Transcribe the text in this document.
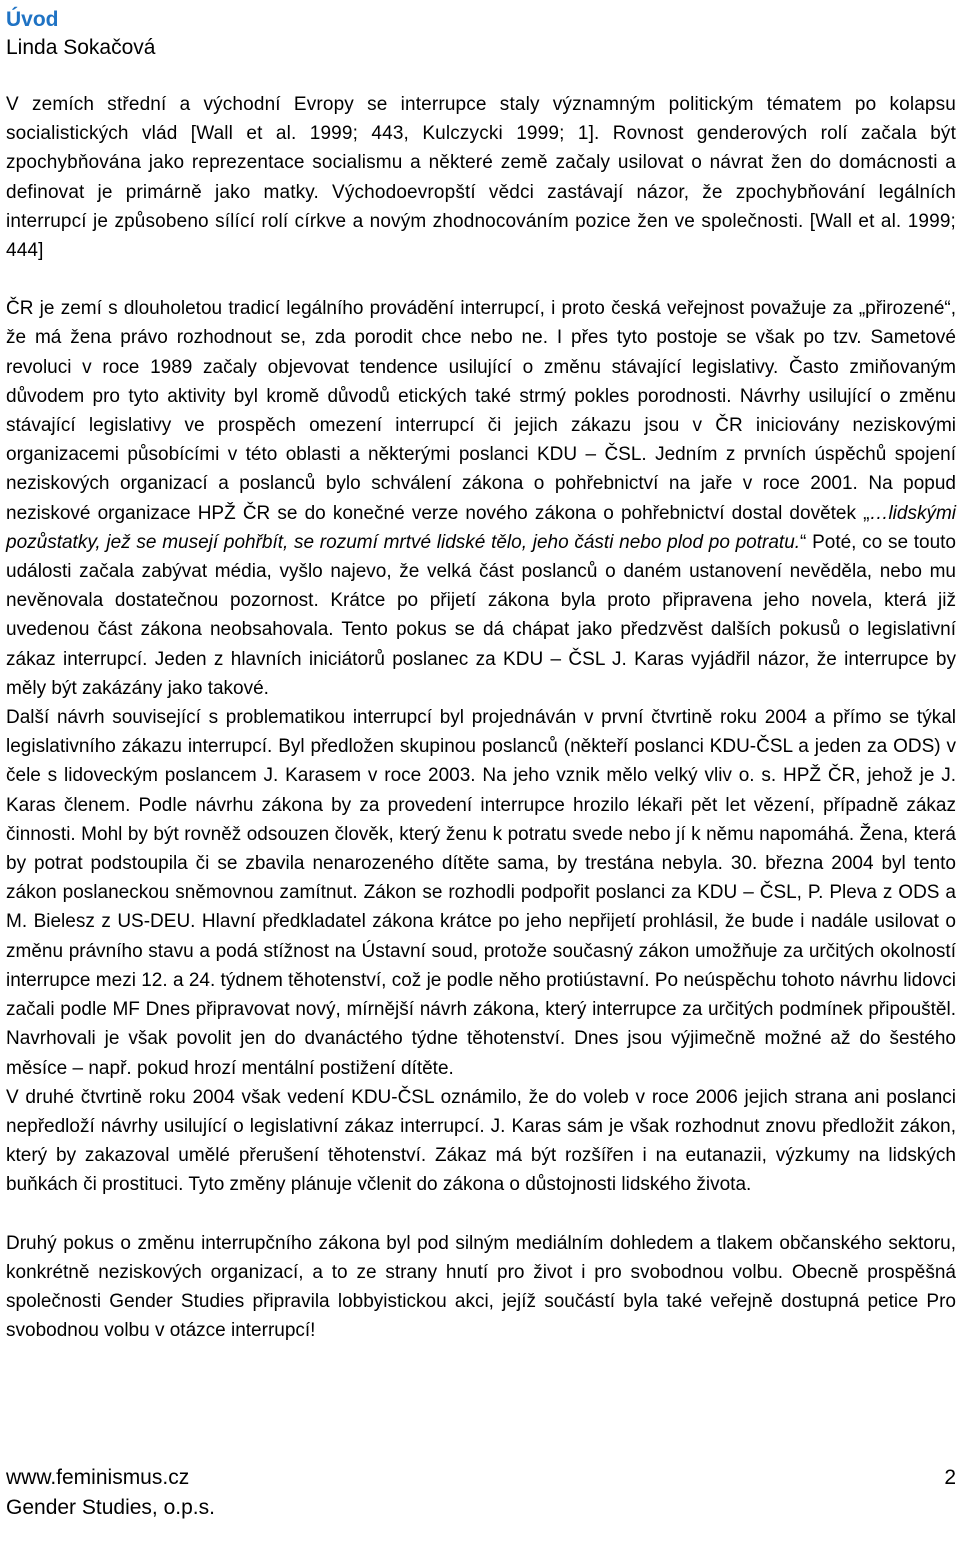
Úvod
Linda Sokačová

V zemích střední a východní Evropy se interrupce staly významným politickým tématem po kolapsu socialistických vlád [Wall et al. 1999; 443, Kulczycki 1999; 1]. Rovnost genderových rolí začala být zpochybňována jako reprezentace socialismu a některé země začaly usilovat o návrat žen do domácnosti a definovat je primárně jako matky. Východoevropští vědci zastávají názor, že zpochybňování legálních interrupcí je způsobeno sílící rolí církve a novým zhodnocováním pozice žen ve společnosti. [Wall et al. 1999; 444]

ČR je zemí s dlouholetou tradicí legálního provádění interrupcí, i proto česká veřejnost považuje za „přirozené“, že má žena právo rozhodnout se, zda porodit chce nebo ne. I přes tyto postoje se však po tzv. Sametové revoluci v roce 1989 začaly objevovat tendence usilující o změnu stávající legislativy. Často zmiňovaným důvodem pro tyto aktivity byl kromě důvodů etických také strmý pokles porodnosti. Návrhy usilující o změnu stávající legislativy ve prospěch omezení interrupcí či jejich zákazu jsou v ČR iniciovány neziskovými organizacemi působícími v této oblasti a některými poslanci KDU – ČSL. Jedním z prvních úspěchů spojení neziskových organizací a poslanců bylo schválení zákona o pohřebnictví na jaře v roce 2001. Na popud neziskové organizace HPŽ ČR se do konečné verze nového zákona o pohřebnictví dostal dovětek „…lidskými pozůstatky, jež se musejí pohřbít, se rozumí mrtvé lidské tělo, jeho části nebo plod po potratu.“ Poté, co se touto události začala zabývat média, vyšlo najevo, že velká část poslanců o daném ustanovení nevěděla, nebo mu nevěnovala dostatečnou pozornost. Krátce po přijetí zákona byla proto připravena jeho novela, která již uvedenou část zákona neobsahovala. Tento pokus se dá chápat jako předzvěst dalších pokusů o legislativní zákaz interrupcí. Jeden z hlavních iniciátorů poslanec za KDU – ČSL J. Karas vyjádřil názor, že interrupce by měly být zakázány jako takové.

Další návrh související s problematikou interrupcí byl projednáván v první čtvrtině roku 2004 a přímo se týkal legislativního zákazu interrupcí. Byl předložen skupinou poslanců (někteří poslanci KDU-ČSL a jeden za ODS) v čele s lidoveckým poslancem J. Karasem v roce 2003. Na jeho vznik mělo velký vliv o. s. HPŽ ČR, jehož je J. Karas členem. Podle návrhu zákona by za provedení interrupce hrozilo lékaři pět let vězení, případně zákaz činnosti. Mohl by být rovněž odsouzen člověk, který ženu k potratu svede nebo jí k němu napomáhá. Žena, která by potrat podstoupila či se zbavila nenarozeného dítěte sama, by trestána nebyla. 30. března 2004 byl tento zákon poslaneckou sněmovnou zamítnut. Zákon se rozhodli podpořit poslanci za KDU – ČSL, P. Pleva z ODS a M. Bielesz z US-DEU. Hlavní předkladatel zákona krátce po jeho nepřijetí prohlásil, že bude i nadále usilovat o změnu právního stavu a podá stížnost na Ústavní soud, protože současný zákon umožňuje za určitých okolností interrupce mezi 12. a 24. týdnem těhotenství, což je podle něho protiústavní. Po neúspěchu tohoto návrhu lidovci začali podle MF Dnes připravovat nový, mírnější návrh zákona, který interrupce za určitých podmínek připouštěl. Navrhovali je však povolit jen do dvanáctého týdne těhotenství. Dnes jsou výjimečně možné až do šestého měsíce – např. pokud hrozí mentální postižení dítěte.

V druhé čtvrtině roku 2004 však vedení KDU-ČSL oznámilo, že do voleb v roce 2006 jejich strana ani poslanci nepředloží návrhy usilující o legislativní zákaz interrupcí. J. Karas sám je však rozhodnut znovu předložit zákon, který by zakazoval umělé přerušení těhotenství. Zákaz má být rozšířen i na eutanazii, výzkumy na lidských buňkách či prostituci. Tyto změny plánuje včlenit do zákona o důstojnosti lidského života.

Druhý pokus o změnu interrupčního zákona byl pod silným mediálním dohledem a tlakem občanského sektoru, konkrétně neziskových organizací, a to ze strany hnutí pro život i pro svobodnou volbu. Obecně prospěšná společnosti Gender Studies připravila lobbyistickou akci, jejíž součástí byla také veřejně dostupná petice Pro svobodnou volbu v otázce interrupcí!

www.feminismus.cz	2
Gender Studies, o.p.s.
